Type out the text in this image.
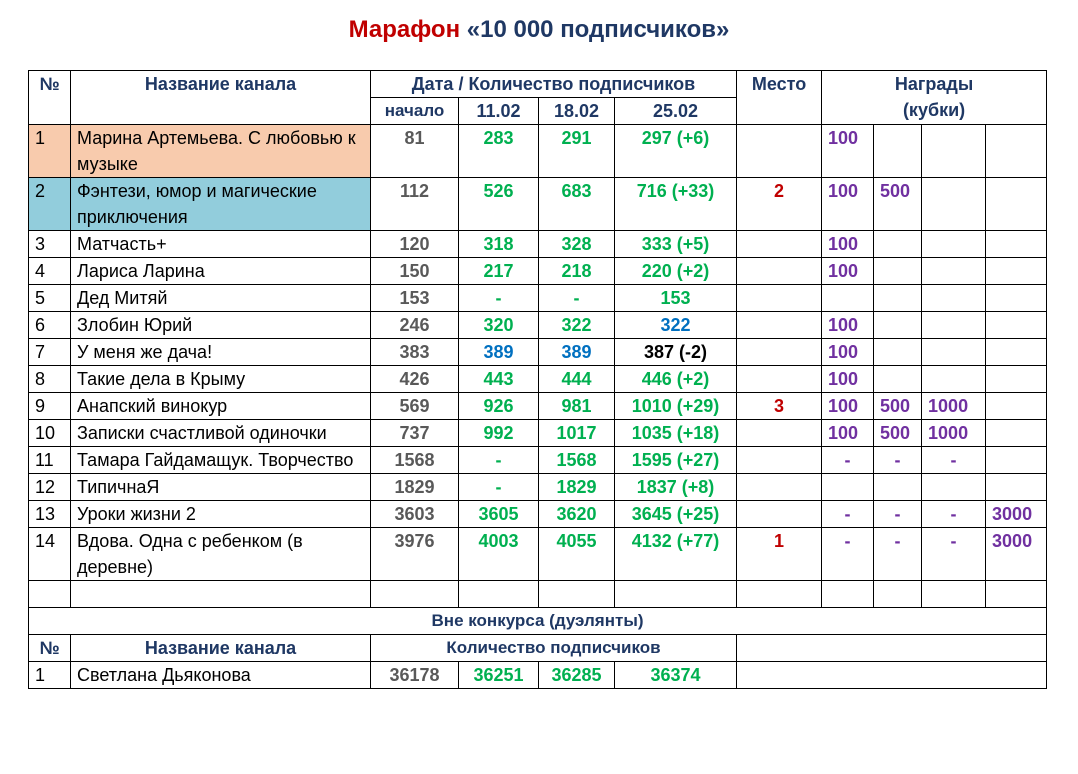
Марафон «10 000 подписчиков»
№	Название канала	Дата / Количество подписчиков				Место	Награды (кубки)			
		начало	11.02	18.02	25.02					
1	Марина Артемьева. С любовью к музыке	81	283	291	297 (+6)		100			
2	Фэнтези, юмор и магические приключения	112	526	683	716 (+33)	2	100	500		
3	Матчасть+	120	318	328	333 (+5)		100			
4	Лариса Ларина	150	217	218	220 (+2)		100			
5	Дед Митяй	153	-	-	153					
6	Злобин Юрий	246	320	322	322		100			
7	У меня же дача!	383	389	389	387 (-2)		100			
8	Такие дела в Крыму	426	443	444	446 (+2)		100			
9	Анапский винокур	569	926	981	1010 (+29)	3	100	500	1000	
10	Записки счастливой одиночки	737	992	1017	1035 (+18)		100	500	1000	
11	Тамара Гайдамащук. Творчество	1568	-	1568	1595 (+27)		-	-	-	
12	ТипичнаЯ	1829	-	1829	1837 (+8)					
13	Уроки жизни 2	3603	3605	3620	3645 (+25)		-	-	-	3000
14	Вдова. Одна с ребенком (в деревне)	3976	4003	4055	4132 (+77)	1	-	-	-	3000

Вне конкурса (дуэлянты)										
№	Название канала	Количество подписчиков								
1	Светлана Дьяконова	36178	36251	36285	36374					
